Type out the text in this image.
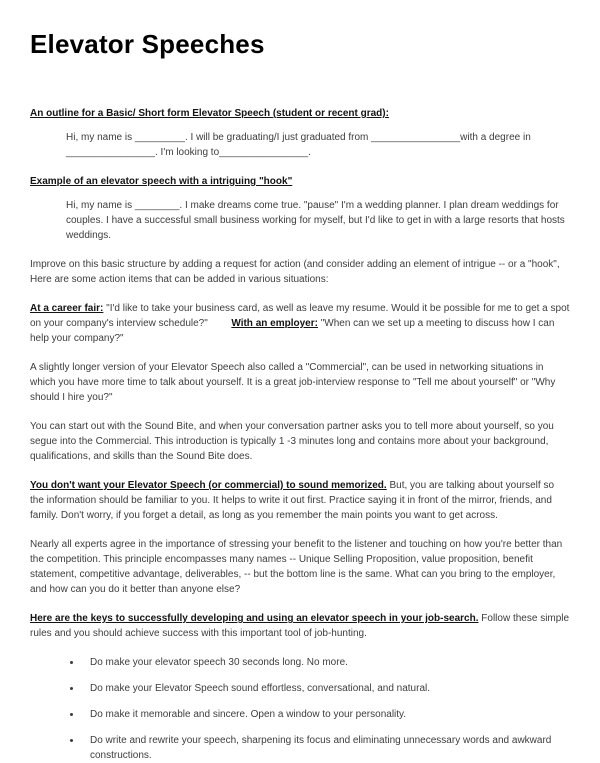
Elevator Speeches
An outline for a Basic/ Short form Elevator Speech (student or recent grad):

Hi, my name is _________. I will be graduating/I just graduated from ________________with a degree in ________________. I'm looking to________________.

Example of an elevator speech with a intriguing "hook"

Hi, my name is ________. I make dreams come true. "pause" I'm a wedding planner. I plan dream weddings for couples. I have a successful small business working for myself, but I'd like to get in with a large resorts that hosts weddings.

Improve on this basic structure by adding a request for action (and consider adding an element of intrigue -- or a "hook", Here are some action items that can be added in various situations:

At a career fair: "I'd like to take your business card, as well as leave my resume. Would it be possible for me to get a spot on your company's interview schedule?" With an employer: "When can we set up a meeting to discuss how I can help your company?"

A slightly longer version of your Elevator Speech also called a "Commercial", can be used in networking situations in which you have more time to talk about yourself. It is a great job-interview response to "Tell me about yourself" or "Why should I hire you?"

You can start out with the Sound Bite, and when your conversation partner asks you to tell more about yourself, so you segue into the Commercial. This introduction is typically 1 -3 minutes long and contains more about your background, qualifications, and skills than the Sound Bite does.

You don't want your Elevator Speech (or commercial) to sound memorized. But, you are talking about yourself so the information should be familiar to you. It helps to write it out first. Practice saying it in front of the mirror, friends, and family. Don't worry, if you forget a detail, as long as you remember the main points you want to get across.

Nearly all experts agree in the importance of stressing your benefit to the listener and touching on how you're better than the competition. This principle encompasses many names -- Unique Selling Proposition, value proposition, benefit statement, competitive advantage, deliverables, -- but the bottom line is the same. What can you bring to the employer, and how can you do it better than anyone else?

Here are the keys to successfully developing and using an elevator speech in your job-search. Follow these simple rules and you should achieve success with this important tool of job-hunting.

• Do make your elevator speech 30 seconds long. No more.
• Do make your Elevator Speech sound effortless, conversational, and natural.
• Do make it memorable and sincere. Open a window to your personality.
• Do write and rewrite your speech, sharpening its focus and eliminating unnecessary words and awkward constructions.
